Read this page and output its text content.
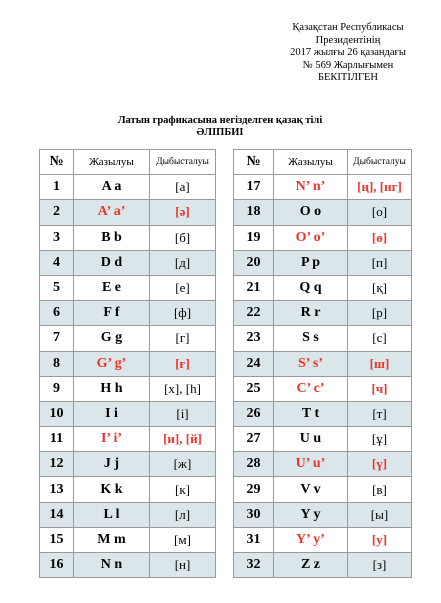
Қазақстан Республикасы
Президентінің
2017 жылғы 26 қазандағы
№ 569 Жарлығымен
БЕКІТІЛГЕН
Латын графикасына негізделген қазақ тілі
ӘЛІПБИІ
№	Жазылуы	Дыбысталуы		№	Жазылуы	Дыбысталуы
1	A a	[а]		17	N’ n’	[ң], [нг]
2	A’ a’	[ә]		18	O o	[о]
3	B b	[б]		19	O’ o’	[ө]
4	D d	[д]		20	P p	[п]
5	E e	[е]		21	Q q	[қ]
6	F f	[ф]		22	R r	[р]
7	G g	[г]		23	S s	[с]
8	G’ g’	[ғ]		24	S’ s’	[ш]
9	H h	[х], [h]		25	C’ c’	[ч]
10	I i	[і]		26	T t	[т]
11	I’ i’	[и], [й]		27	U u	[ұ]
12	J j	[ж]		28	U’ u’	[ү]
13	K k	[к]		29	V v	[в]
14	L l	[л]		30	Y y	[ы]
15	M m	[м]		31	Y’ y’	[у]
16	N n	[н]		32	Z z	[з]
